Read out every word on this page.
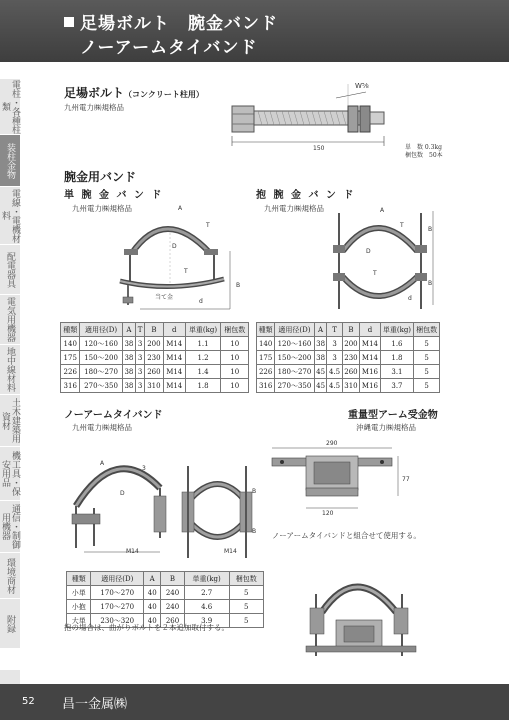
足場ボルト　腕金バンド
ノーアームタイバンド
電柱・各種柱類
装柱金物
電線・電機材料
配電器具
電気用機器
地中線材料
土木建築用資材
機工具・保安用品
通信・制御用機器
環境商材
附録
足場ボルト（コンクリート柱用）
九州電力㈱規格品
W⁵⁄₈
150	単　数 0.3kg
梱包数　50本
腕金用バンド
単 腕 金 バ ン ド
九州電力㈱規格品
抱 腕 金 バ ン ド
九州電力㈱規格品
A
T
D
T
B
d
当て金
A
T
D
T
B
B
d
種類	適用径(D)	A	T	B	d	単重(kg)	梱包数
140	120～160	38	3	200	M14	1.1	10
175	150～200	38	3	230	M14	1.2	10
226	180～270	38	3	260	M14	1.4	10
316	270～350	38	3	310	M14	1.8	10
種類	適用径(D)	A	T	B	d	単重(kg)	梱包数
140	120～160	38	3	200	M14	1.6	5
175	150～200	38	3	230	M14	1.8	5
226	180～270	45	4.5	260	M16	3.1	5
316	270～350	45	4.5	310	M16	3.7	5
ノーアームタイバンド
九州電力㈱規格品
A
3
D
M14
B
B
M14
種類	適用径(D)	A	B	単重(kg)	梱包数
小単	170～270	40	240	2.7	5
小抱	170～270	40	240	4.6	5
大単	230～320	40	260	3.9	5
抱の場合は、曲がりボルトを２本追加取付する。
重量型アーム受金物
沖縄電力㈱規格品
290
77
120
ノーアームタイバンドと組合せて使用する。
52 昌一金属㈱
